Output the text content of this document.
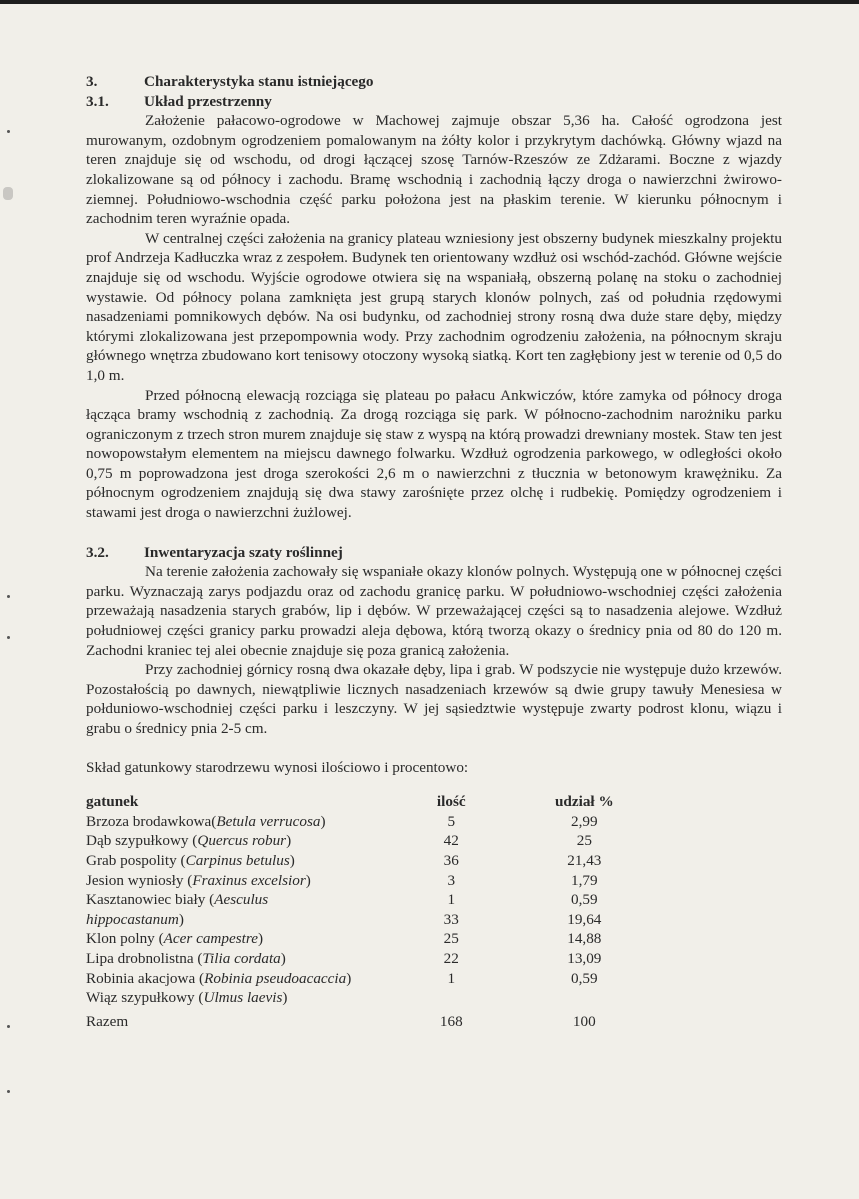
3.	Charakterystyka stanu istniejącego
3.1.	Układ przestrzenny

Założenie pałacowo-ogrodowe w Machowej zajmuje obszar 5,36 ha. Całość ogrodzona jest murowanym, ozdobnym ogrodzeniem pomalowanym na żółty kolor i przykrytym dachówką. Główny wjazd na teren znajduje się od wschodu, od drogi łączącej szosę Tarnów-Rzeszów ze Zdżarami. Boczne z wjazdy zlokalizowane są od północy i zachodu. Bramę wschodnią i zachodnią łączy droga o nawierzchni żwirowo-ziemnej. Południowo-wschodnia część parku położona jest na płaskim terenie. W kierunku północnym i zachodnim teren wyraźnie opada.

W centralnej części założenia na granicy plateau wzniesiony jest obszerny budynek mieszkalny projektu prof Andrzeja Kadłuczka wraz z zespołem. Budynek ten orientowany wzdłuż osi wschód-zachód. Główne wejście znajduje się od wschodu. Wyjście ogrodowe otwiera się na wspaniałą, obszerną polanę na stoku o zachodniej wystawie. Od północy polana zamknięta jest grupą starych klonów polnych, zaś od południa rzędowymi nasadzeniami pomnikowych dębów. Na osi budynku, od zachodniej strony rosną dwa duże stare dęby, między którymi zlokalizowana jest przepompownia wody. Przy zachodnim ogrodzeniu założenia, na północnym skraju głównego wnętrza zbudowano kort tenisowy otoczony wysoką siatką. Kort ten zagłębiony jest w terenie od 0,5 do 1,0 m.

Przed północną elewacją rozciąga się plateau po pałacu Ankwiczów, które zamyka od północy droga łącząca bramy wschodnią z zachodnią. Za drogą rozciąga się park. W północno-zachodnim narożniku parku ograniczonym z trzech stron murem znajduje się staw z wyspą na którą prowadzi drewniany mostek. Staw ten jest nowopowstałym elementem na miejscu dawnego folwarku. Wzdłuż ogrodzenia parkowego, w odległości około 0,75 m poprowadzona jest droga szerokości 2,6 m o nawierzchni z tłucznia w betonowym krawężniku. Za północnym ogrodzeniem znajdują się dwa stawy zarośnięte przez olchę i rudbekię. Pomiędzy ogrodzeniem i stawami jest droga o nawierzchni żużlowej.

3.2.	Inwentaryzacja szaty roślinnej

Na terenie założenia zachowały się wspaniałe okazy klonów polnych. Występują one w północnej części parku. Wyznaczają zarys podjazdu oraz od zachodu granicę parku. W południowo-wschodniej części założenia przeważają nasadzenia starych grabów, lip i dębów. W przeważającej części są to nasadzenia alejowe. Wzdłuż południowej części granicy parku prowadzi aleja dębowa, którą tworzą okazy o średnicy pnia od 80 do 120 m. Zachodni kraniec tej alei obecnie znajduje się poza granicą założenia.

Przy zachodniej górnicy rosną dwa okazałe dęby, lipa i grab. W podszycie nie występuje dużo krzewów. Pozostałością po dawnych, niewątpliwie licznych nasadzeniach krzewów są dwie grupy tawuły Menesiesa w połduniowo-wschodniej części parku i leszczyny. W jej sąsiedztwie występuje zwarty podrost klonu, wiązu i grabu o średnicy pnia 2-5 cm.

Skład gatunkowy starodrzewu wynosi ilościowo i procentowo:

gatunek	ilość	udział %
Brzoza brodawkowa(Betula verrucosa)	5	2,99
Dąb szypułkowy (Quercus robur)	42	25
Grab pospolity (Carpinus betulus)	36	21,43
Jesion wyniosły (Fraxinus excelsior)	3	1,79
Kasztanowiec biały (Aesculus	1	0,59
hippocastanum)	33	19,64
Klon polny (Acer campestre)	25	14,88
Lipa drobnolistna (Tilia cordata)	22	13,09
Robinia akacjowa (Robinia pseudoacaccia)	1	0,59
Wiąz szypułkowy (Ulmus laevis)		
Razem	168	100
